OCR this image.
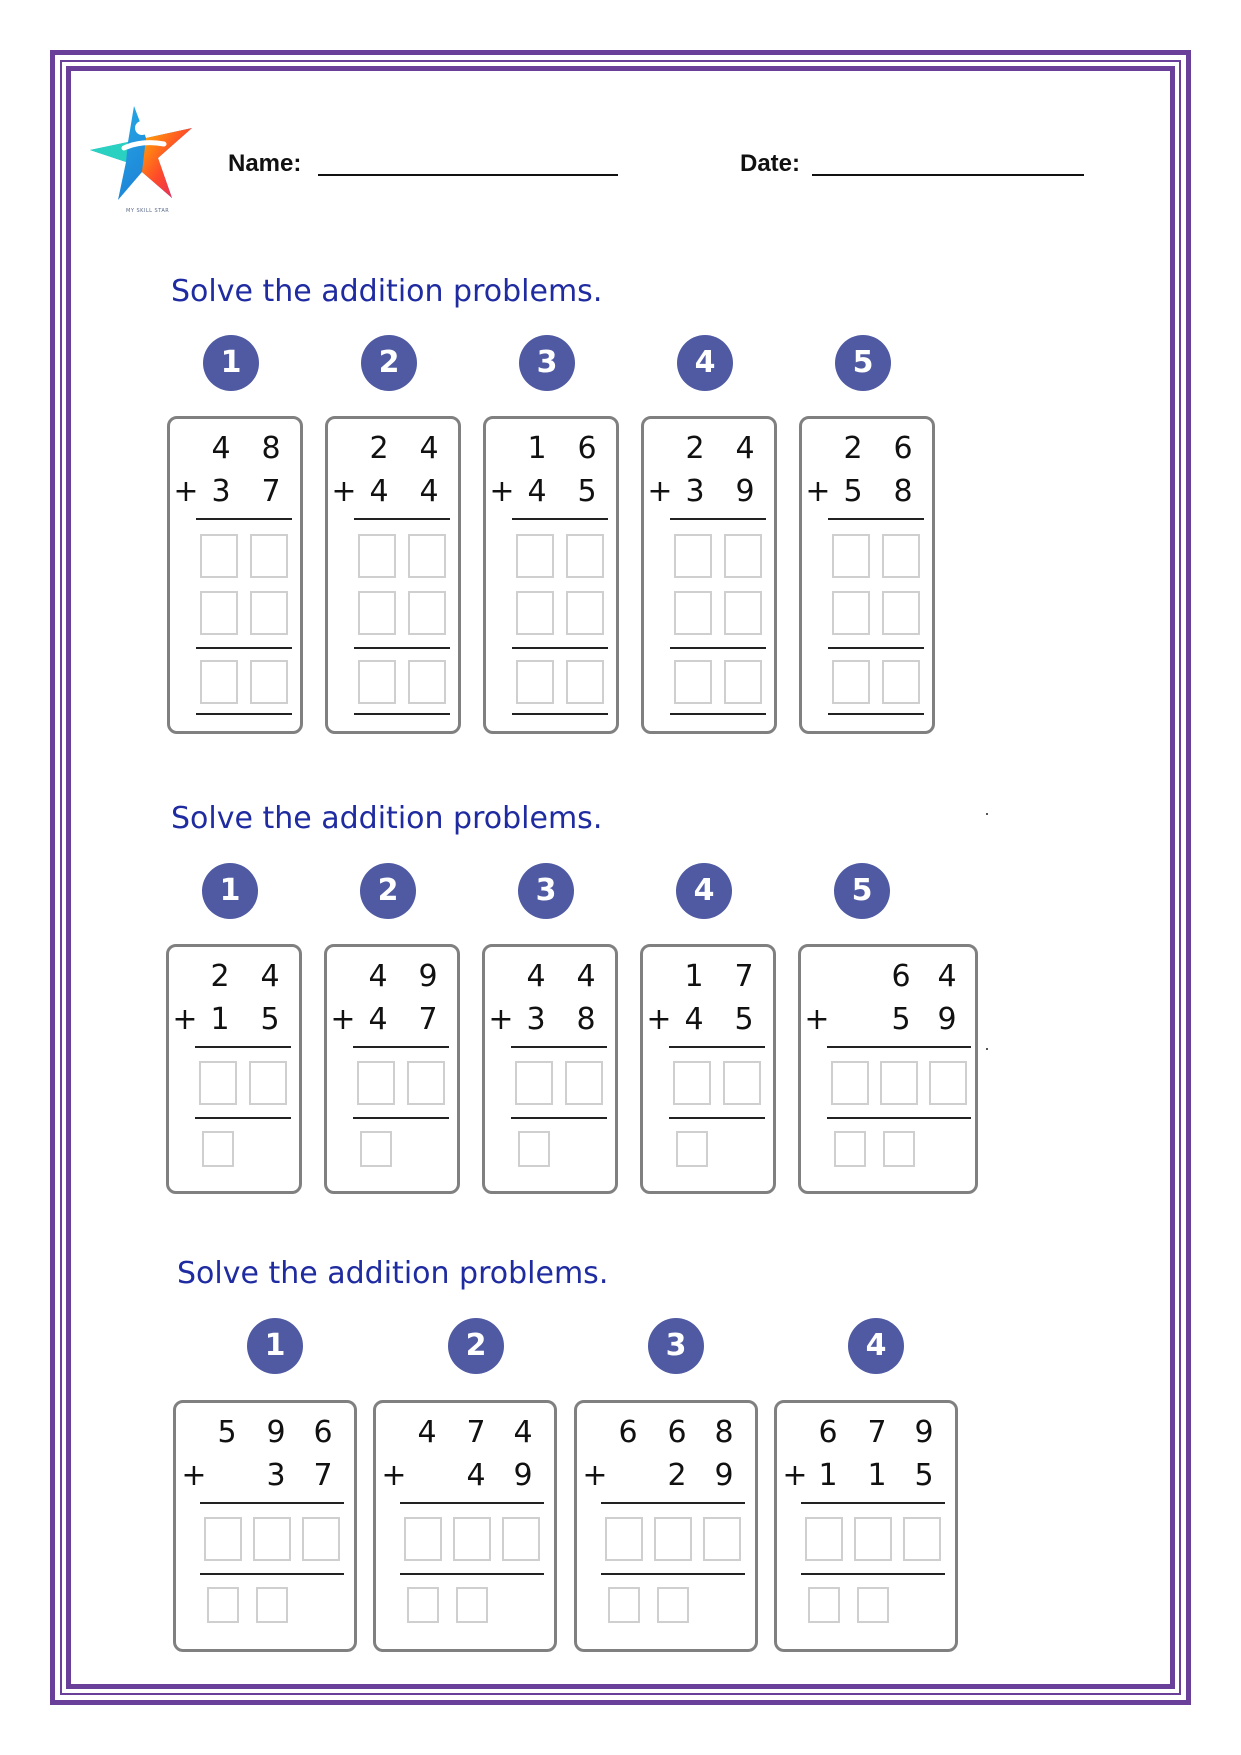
MY SKILL STAR
Name:	Date:
Solve the addition problems.
1	2	3	4	5
4	8
+ 3	7
2	4
+ 4	4
1	6
+ 4	5
2	4
+ 3	9
2	6
+ 5	8
Solve the addition problems.
1	2	3	4	5
2	4
+ 1	5
4	9
+ 4	7
4	4
+ 3	8
1	7
+ 4	5
6 4
+	5 9
Solve the addition problems.
1	2	3	4
5 9 6
+	3 7
4 7 4
+	4 9
6 6 8
+	2 9
6 7 9
+ 1 1 5
